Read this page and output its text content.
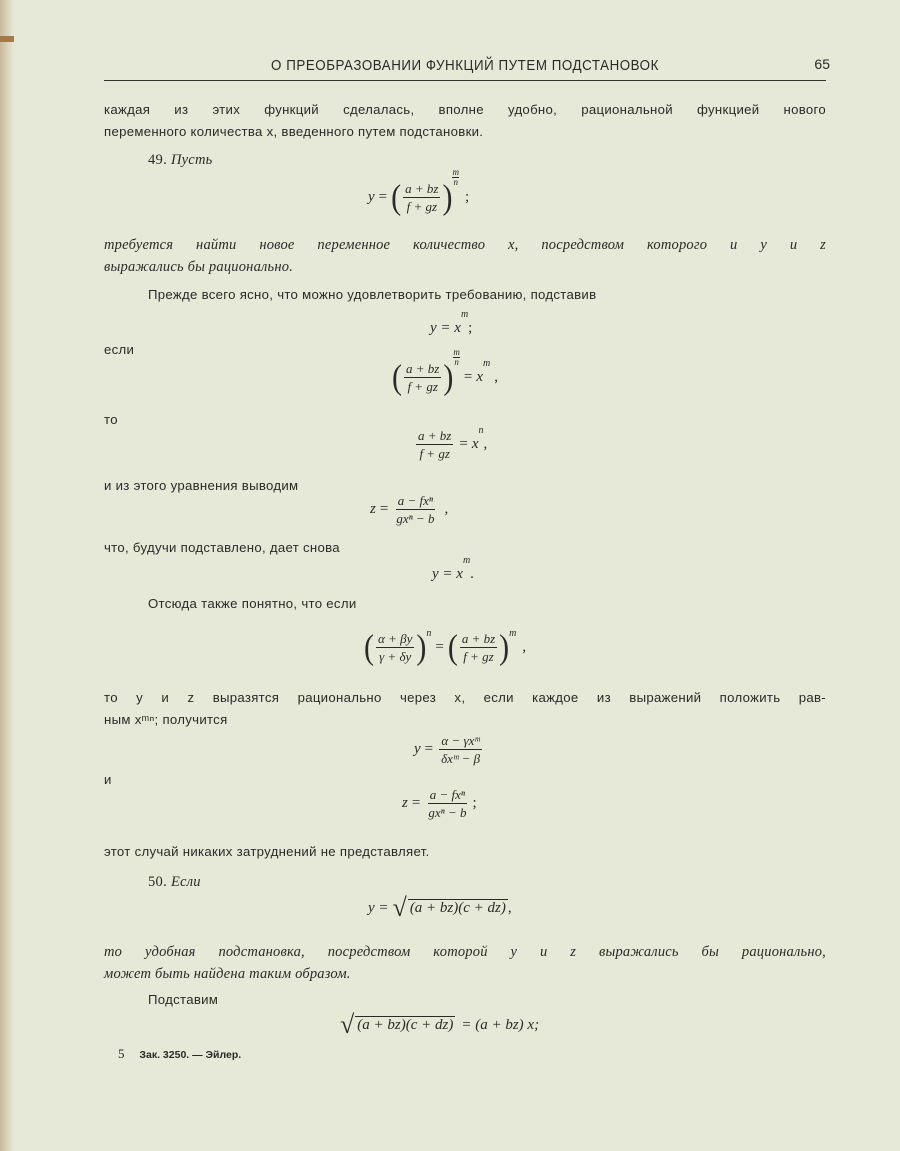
О ПРЕОБРАЗОВАНИИ ФУНКЦИЙ ПУТЕМ ПОДСТАНОВОК	65
каждая из этих функций сделалась, вполне удобно, рациональной функцией нового
переменного количества x, введенного путем подстановки.
49. Пусть
y = ( $\frac{a + bz}{f + gz}$ )
$\frac{m}{n}$
;
требуется найти новое переменное количество x, посредством которого и y и z
выражались бы рационально.
Прежде всего ясно, что можно удовлетворить требованию, подставив
y = x
m
;
если
( $\frac{a + bz}{f + gz}$ )
$\frac{m}{n}$
= x
m
,
то
$\frac{a + bz}{f + gz} = x$
n
,
и из этого уравнения выводим
$z = \frac{\text{a − fxⁿ}}{\text{gxⁿ − b}}$ ,
что, будучи подставлено, дает снова
y = x
m
.
Отсюда также понятно, что если
( $\frac{\alpha + \beta y}{\gamma + \delta y}$ ) n
= ( $\frac{a + bz}{f + gz}$ ) m
,
то y и z выразятся рационально через x, если каждое из выражений положить рав-
ным xᵐⁿ; получится
$y = \frac{\text{α − γxᵐ}}{\text{δxᵐ − β}}$
и
$z = \frac{\text{a − fxⁿ}}{\text{gxⁿ − b}}$ ;
этот случай никаких затруднений не представляет.
50. Если
y = √ (a + bz)(c + dz) ,
то удобная подстановка, посредством которой y и z выражались бы рационально,
может быть найдена таким образом.
Подставим
√ (a + bz)(c + dz) = (a + bz) x;
5 Зак. 3250. — Эйлер.
